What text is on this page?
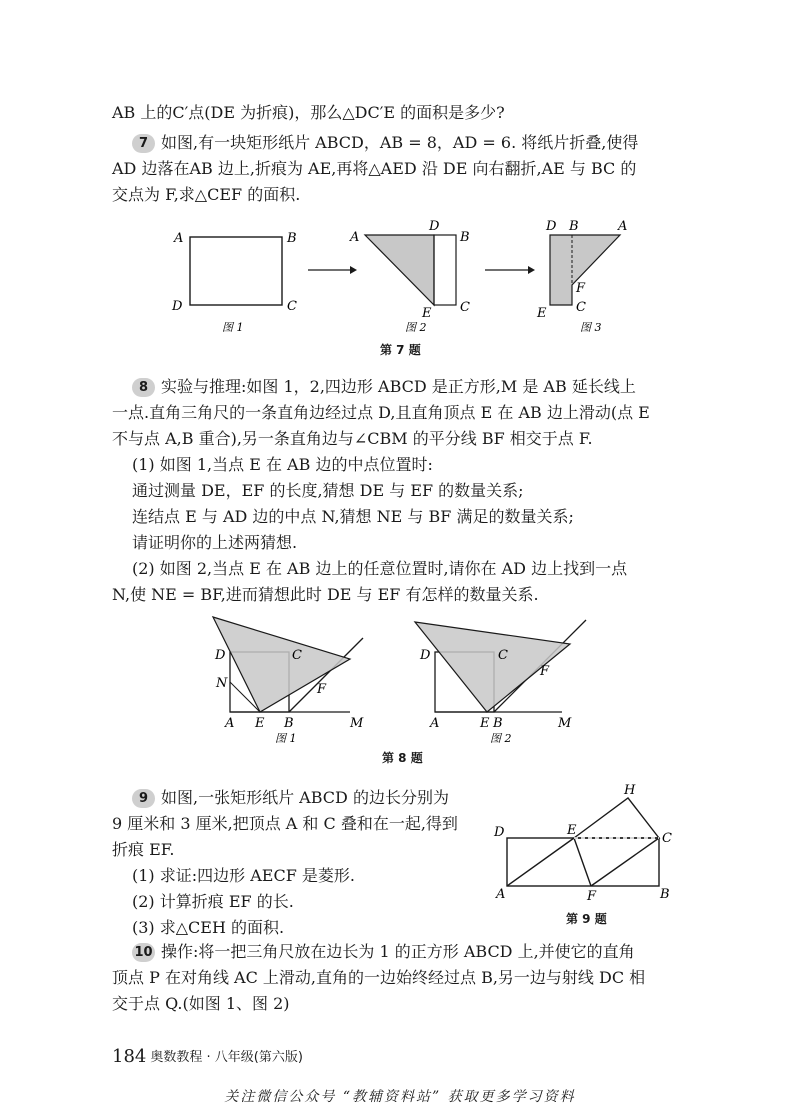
AB 上的C′点(DE 为折痕)，那么△DC′E 的面积是多少?
7 如图,有一块矩形纸片 ABCD，AB = 8，AD = 6. 将纸片折叠,使得
AD 边落在AB 边上,折痕为 AE,再将△AED 沿 DE 向右翻折,AE 与 BC 的
交点为 F,求△CEF 的面积.
A	B
D	C
图 1
A
D
B
E C
图 2
D B	A
F
C
E
图 3
第 7 题
8 实验与推理:如图 1，2,四边形 ABCD 是正方形,M 是 AB 延长线上
一点.直角三角尺的一条直角边经过点 D,且直角顶点 E 在 AB 边上滑动(点 E
不与点 A,B 重合),另一条直角边与∠CBM 的平分线 BF 相交于点 F.
(1) 如图 1,当点 E 在 AB 边的中点位置时:
通过测量 DE，EF 的长度,猜想 DE 与 EF 的数量关系;
连结点 E 与 AD 边的中点 N,猜想 NE 与 BF 满足的数量关系;
请证明你的上述两猜想.
(2) 如图 2,当点 E 在 AB 边上的任意位置时,请你在 AD 边上找到一点
N,使 NE = BF,进而猜想此时 DE 与 EF 有怎样的数量关系.
D	C
N	F
A E B	M
图 1
D	C
F
A	E B	M
图 2
第 8 题
9 如图,一张矩形纸片 ABCD 的边长分别为
9 厘米和 3 厘米,把顶点 A 和 C 叠和在一起,得到
折痕 EF.
(1) 求证:四边形 AECF 是菱形.
(2) 计算折痕 EF 的长.
(3) 求△CEH 的面积.
H
D	E
C
A	F	B
第 9 题
10 操作:将一把三角尺放在边长为 1 的正方形 ABCD 上,并使它的直角
顶点 P 在对角线 AC 上滑动,直角的一边始终经过点 B,另一边与射线 DC 相
交于点 Q.(如图 1、图 2)
184 奥数教程 · 八年级(第六版)
关注微信公众号 “教辅资料站” 获取更多学习资料
